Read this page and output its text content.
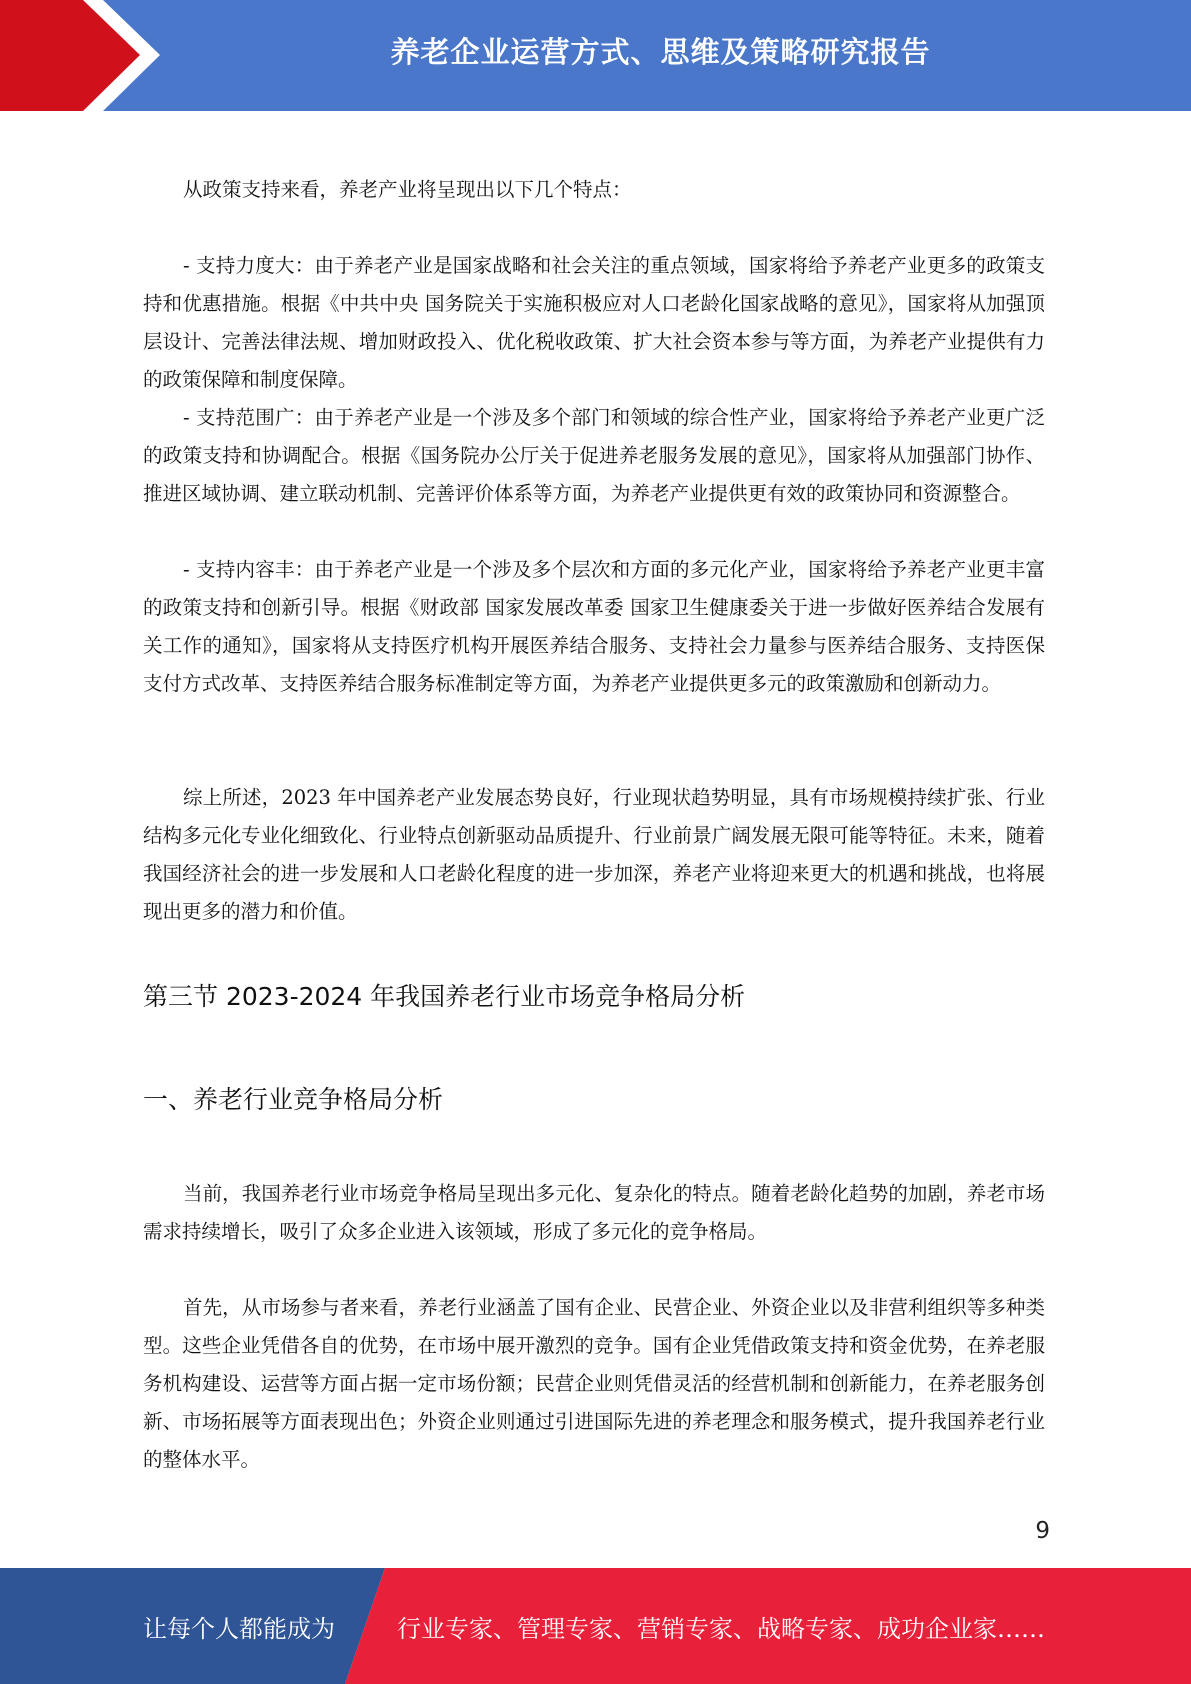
养老企业运营方式、思维及策略研究报告

从政策支持来看，养老产业将呈现出以下几个特点：

- 支持力度大：由于养老产业是国家战略和社会关注的重点领域，国家将给予养老产业更多的政策支持和优惠措施。根据《中共中央 国务院关于实施积极应对人口老龄化国家战略的意见》，国家将从加强顶层设计、完善法律法规、增加财政投入、优化税收政策、扩大社会资本参与等方面，为养老产业提供有力的政策保障和制度保障。

- 支持范围广：由于养老产业是一个涉及多个部门和领域的综合性产业，国家将给予养老产业更广泛的政策支持和协调配合。根据《国务院办公厅关于促进养老服务发展的意见》，国家将从加强部门协作、推进区域协调、建立联动机制、完善评价体系等方面，为养老产业提供更有效的政策协同和资源整合。

- 支持内容丰：由于养老产业是一个涉及多个层次和方面的多元化产业，国家将给予养老产业更丰富的政策支持和创新引导。根据《财政部 国家发展改革委 国家卫生健康委关于进一步做好医养结合发展有关工作的通知》，国家将从支持医疗机构开展医养结合服务、支持社会力量参与医养结合服务、支持医保支付方式改革、支持医养结合服务标准制定等方面，为养老产业提供更多元的政策激励和创新动力。

综上所述，2023 年中国养老产业发展态势良好，行业现状趋势明显，具有市场规模持续扩张、行业结构多元化专业化细致化、行业特点创新驱动品质提升、行业前景广阔发展无限可能等特征。未来，随着我国经济社会的进一步发展和人口老龄化程度的进一步加深，养老产业将迎来更大的机遇和挑战，也将展现出更多的潜力和价值。

第三节 2023-2024 年我国养老行业市场竞争格局分析
一、养老行业竞争格局分析

当前，我国养老行业市场竞争格局呈现出多元化、复杂化的特点。随着老龄化趋势的加剧，养老市场需求持续增长，吸引了众多企业进入该领域，形成了多元化的竞争格局。

首先，从市场参与者来看，养老行业涵盖了国有企业、民营企业、外资企业以及非营利组织等多种类型。这些企业凭借各自的优势，在市场中展开激烈的竞争。国有企业凭借政策支持和资金优势，在养老服务机构建设、运营等方面占据一定市场份额；民营企业则凭借灵活的经营机制和创新能力，在养老服务创新、市场拓展等方面表现出色；外资企业则通过引进国际先进的养老理念和服务模式，提升我国养老行业的整体水平。

9
让每个人都能成为	行业专家、管理专家、营销专家、战略专家、成功企业家……
